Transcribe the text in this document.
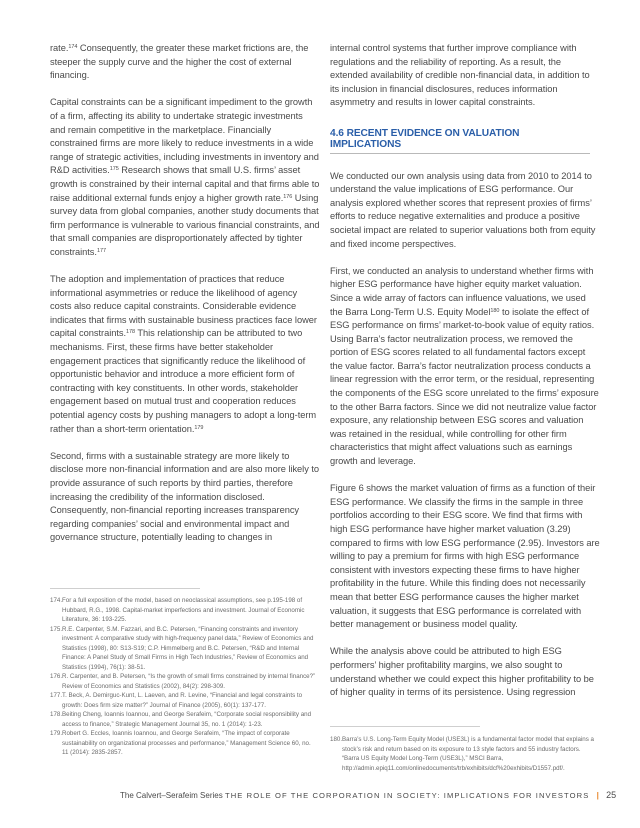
rate.$^{174}$ Consequently, the greater these market frictions are, the steeper the supply curve and the higher the cost of external financing.

Capital constraints can be a significant impediment to the growth of a firm, affecting its ability to undertake strategic investments and remain competitive in the marketplace. Financially constrained firms are more likely to reduce investments in a wide range of strategic activities, including investments in inventory and R&D activities.$^{175}$ Research shows that small U.S. firms’ asset growth is constrained by their internal capital and that firms able to raise additional external funds enjoy a higher growth rate.$^{176}$ Using survey data from global companies, another study documents that firm performance is vulnerable to various financial constraints, and that small companies are disproportionately affected by tighter constraints.$^{177}$

The adoption and implementation of practices that reduce informational asymmetries or reduce the likelihood of agency costs also reduce capital constraints. Considerable evidence indicates that firms with sustainable business practices face lower capital constraints.$^{178}$ This relationship can be attributed to two mechanisms. First, these firms have better stakeholder engagement practices that significantly reduce the likelihood of opportunistic behavior and introduce a more efficient form of contracting with key constituents. In other words, stakeholder engagement based on mutual trust and cooperation reduces potential agency costs by pushing managers to adopt a long-term rather than a short-term orientation.$^{179}$

Second, firms with a sustainable strategy are more likely to disclose more non-financial information and are also more likely to provide assurance of such reports by third parties, therefore increasing the credibility of the information disclosed. Consequently, non-financial reporting increases transparency regarding companies’ social and environmental impact and governance structure, potentially leading to changes in

174. For a full exposition of the model, based on neoclassical assumptions, see p.195-198 of Hubbard, R.G., 1998. Capital-market imperfections and investment. Journal of Economic Literature, 36: 193-225.
175. R.E. Carpenter, S.M. Fazzari, and B.C. Petersen, “Financing constraints and inventory investment: A comparative study with high-frequency panel data,” Review of Economics and Statistics (1998), 80: S13-S19; C.P. Himmelberg and B.C. Petersen, “R&D and Internal Finance: A Panel Study of Small Firms in High Tech Industries,” Review of Economics and Statistics (1994), 76(1): 38-51.
176. R. Carpenter, and B. Petersen, “Is the growth of small firms constrained by internal finance?” Review of Economics and Statistics (2002), 84(2): 298-309.
177. T. Beck, A. Demirguc-Kunt, L. Laeven, and R. Levine, “Financial and legal constraints to growth: Does firm size matter?” Journal of Finance (2005), 60(1): 137-177.
178. Beiting Cheng, Ioannis Ioannou, and George Serafeim, “Corporate social responsibility and access to finance,” Strategic Management Journal 35, no. 1 (2014): 1-23.
179. Robert G. Eccles, Ioannis Ioannou, and George Serafeim, “The impact of corporate sustainability on organizational processes and performance,” Management Science 60, no. 11 (2014): 2835-2857.

internal control systems that further improve compliance with regulations and the reliability of reporting. As a result, the extended availability of credible non-financial data, in addition to its inclusion in financial disclosures, reduces information asymmetry and results in lower capital constraints.

4.6 RECENT EVIDENCE ON VALUATION IMPLICATIONS

We conducted our own analysis using data from 2010 to 2014 to understand the value implications of ESG performance. Our analysis explored whether scores that represent proxies of firms’ efforts to reduce negative externalities and produce a positive societal impact are related to superior valuations both from equity and fixed income perspectives.

First, we conducted an analysis to understand whether firms with higher ESG performance have higher equity market valuation. Since a wide array of factors can influence valuations, we used the Barra Long-Term U.S. Equity Model$^{180}$ to isolate the effect of ESG performance on firms’ market-to-book value of equity ratios. Using Barra’s factor neutralization process, we removed the portion of ESG scores related to all fundamental factors except the value factor. Barra’s factor neutralization process conducts a linear regression with the error term, or the residual, representing the components of the ESG score unrelated to the firms’ exposure to the other Barra factors. Since we did not neutralize value factor exposure, any relationship between ESG scores and valuation was retained in the residual, while controlling for other firm characteristics that might affect valuations such as earnings growth and leverage.

Figure 6 shows the market valuation of firms as a function of their ESG performance. We classify the firms in the sample in three portfolios according to their ESG score. We find that firms with high ESG performance have higher market valuation (3.29) compared to firms with low ESG performance (2.95). Investors are willing to pay a premium for firms with high ESG performance consistent with investors expecting these firms to have higher profitability in the future. While this finding does not necessarily mean that better ESG performance causes the higher market valuation, it suggests that ESG performance is correlated with better management or business model quality.

While the analysis above could be attributed to high ESG performers’ higher profitability margins, we also sought to understand whether we could expect this higher profitability to be of higher quality in terms of its persistence. Using regression

180. Barra’s U.S. Long-Term Equity Model (USE3L) is a fundamental factor model that explains a stock’s risk and return based on its exposure to 13 style factors and 55 industry factors. “Barra US Equity Model Long-Term (USE3L),” MSCI Barra, http://admin.epiq11.com/onlinedocuments/trb/exhibits/dcf%20exhibits/D1557.pdf/.
The Calvert–Serafeim Series THE ROLE OF THE CORPORATION IN SOCIETY: IMPLICATIONS FOR INVESTORS | 25
